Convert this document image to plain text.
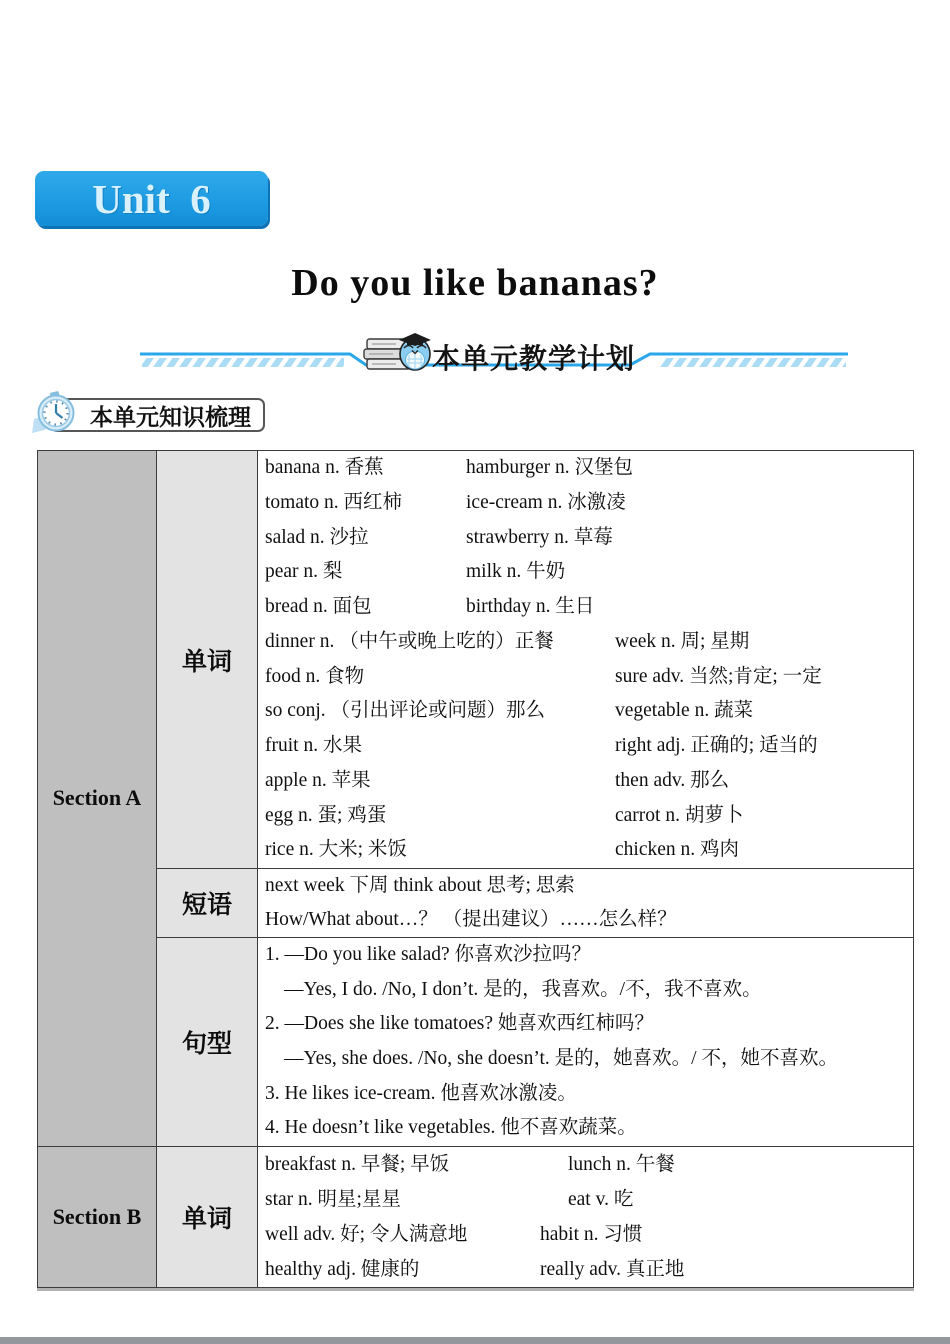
Unit  6
Do you like bananas?
本单元教学计划
本单元知识梳理
Section A	单词	
banana n. 香蕉	hamburger n. 汉堡包
tomato n. 西红柿	ice-cream n. 冰激凌
salad n. 沙拉	strawberry n. 草莓
pear n. 梨	milk n. 牛奶
bread n. 面包	birthday n. 生日
dinner n. （中午或晚上吃的）正餐	week n. 周; 星期
food n. 食物	sure adv. 当然;肯定; 一定
so conj. （引出评论或问题）那么	vegetable n. 蔬菜
fruit n. 水果	right adj. 正确的; 适当的
apple n. 苹果	then adv. 那么
egg n. 蛋; 鸡蛋	carrot n. 胡萝卜
rice n. 大米; 米饭	chicken n. 鸡肉

	短语	next week 下周 think about 思考; 思索
How/What about…？ （提出建议）……怎么样？

句型	
1. —Do you like salad? 你喜欢沙拉吗？
—Yes, I do. /No, I don’t. 是的，我喜欢。/不，我不喜欢。
2. —Does she like tomatoes? 她喜欢西红柿吗？
—Yes, she does. /No, she doesn’t. 是的，她喜欢。/ 不，她不喜欢。
3. He likes ice-cream. 他喜欢冰激凌。
4. He doesn’t like vegetables. 他不喜欢蔬菜。

Section B	单词	
breakfast n. 早餐; 早饭	lunch n. 午餐
star n. 明星;星星	eat v. 吃
well adv. 好; 令人满意地	habit n. 习惯
healthy adj. 健康的	really adv. 真正地
